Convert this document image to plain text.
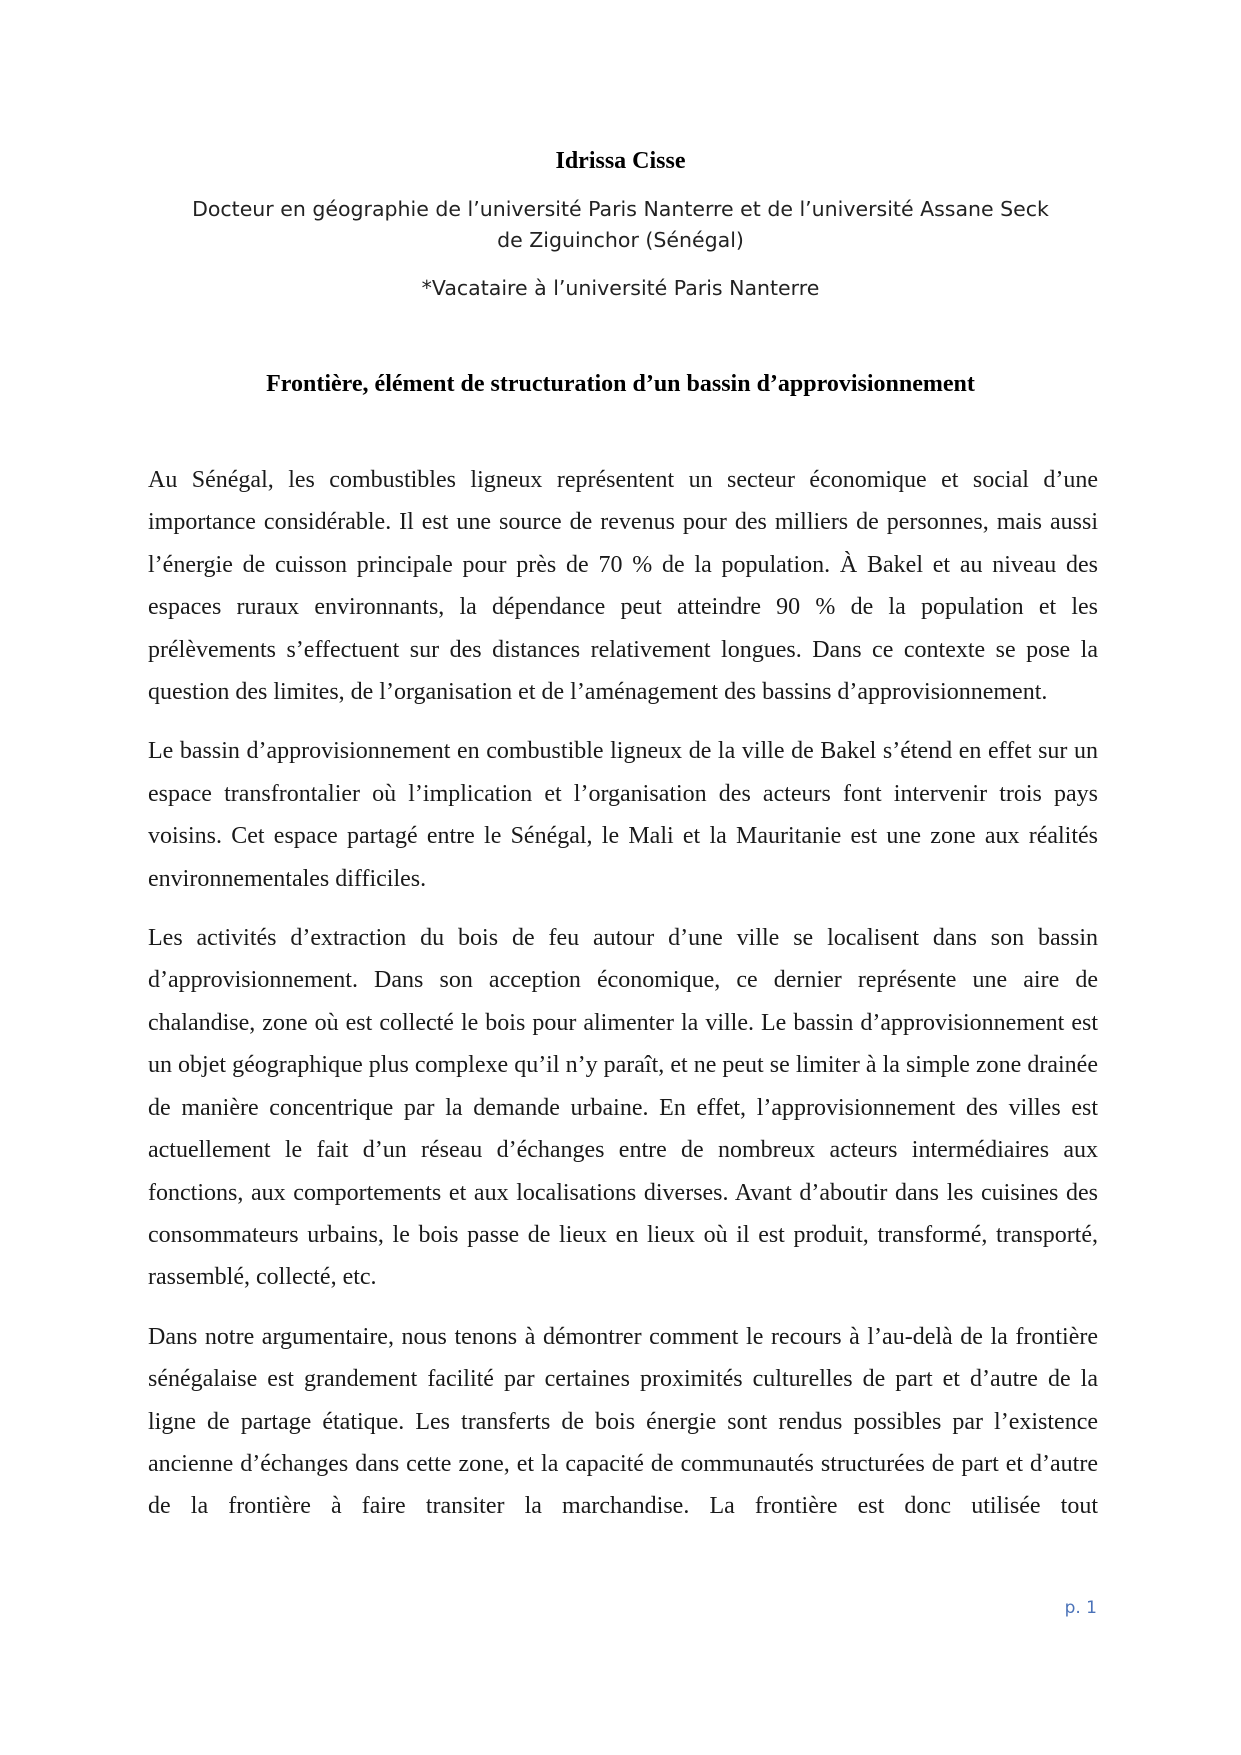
Idrissa Cisse
Docteur en géographie de l’université Paris Nanterre et de l’université Assane Seck de Ziguinchor (Sénégal)
*Vacataire à l’université Paris Nanterre
Frontière, élément de structuration d’un bassin d’approvisionnement

Au Sénégal, les combustibles ligneux représentent un secteur économique et social d’une importance considérable. Il est une source de revenus pour des milliers de personnes, mais aussi l’énergie de cuisson principale pour près de 70 % de la population. À Bakel et au niveau des espaces ruraux environnants, la dépendance peut atteindre 90 % de la population et les prélèvements s’effectuent sur des distances relativement longues. Dans ce contexte se pose la question des limites, de l’organisation et de l’aménagement des bassins d’approvisionnement.

Le bassin d’approvisionnement en combustible ligneux de la ville de Bakel s’étend en effet sur un espace transfrontalier où l’implication et l’organisation des acteurs font intervenir trois pays voisins. Cet espace partagé entre le Sénégal, le Mali et la Mauritanie est une zone aux réalités environnementales difficiles.

Les activités d’extraction du bois de feu autour d’une ville se localisent dans son bassin d’approvisionnement. Dans son acception économique, ce dernier représente une aire de chalandise, zone où est collecté le bois pour alimenter la ville. Le bassin d’approvisionnement est un objet géographique plus complexe qu’il n’y paraît, et ne peut se limiter à la simple zone drainée de manière concentrique par la demande urbaine. En effet, l’approvisionnement des villes est actuellement le fait d’un réseau d’échanges entre de nombreux acteurs intermédiaires aux fonctions, aux comportements et aux localisations diverses. Avant d’aboutir dans les cuisines des consommateurs urbains, le bois passe de lieux en lieux où il est produit, transformé, transporté, rassemblé, collecté, etc.

Dans notre argumentaire, nous tenons à démontrer comment le recours à l’au-delà de la frontière sénégalaise est grandement facilité par certaines proximités culturelles de part et d’autre de la ligne de partage étatique. Les transferts de bois énergie sont rendus possibles par l’existence ancienne d’échanges dans cette zone, et la capacité de communautés structurées de part et d’autre de la frontière à faire transiter la marchandise. La frontière est donc utilisée tout

p. 1
